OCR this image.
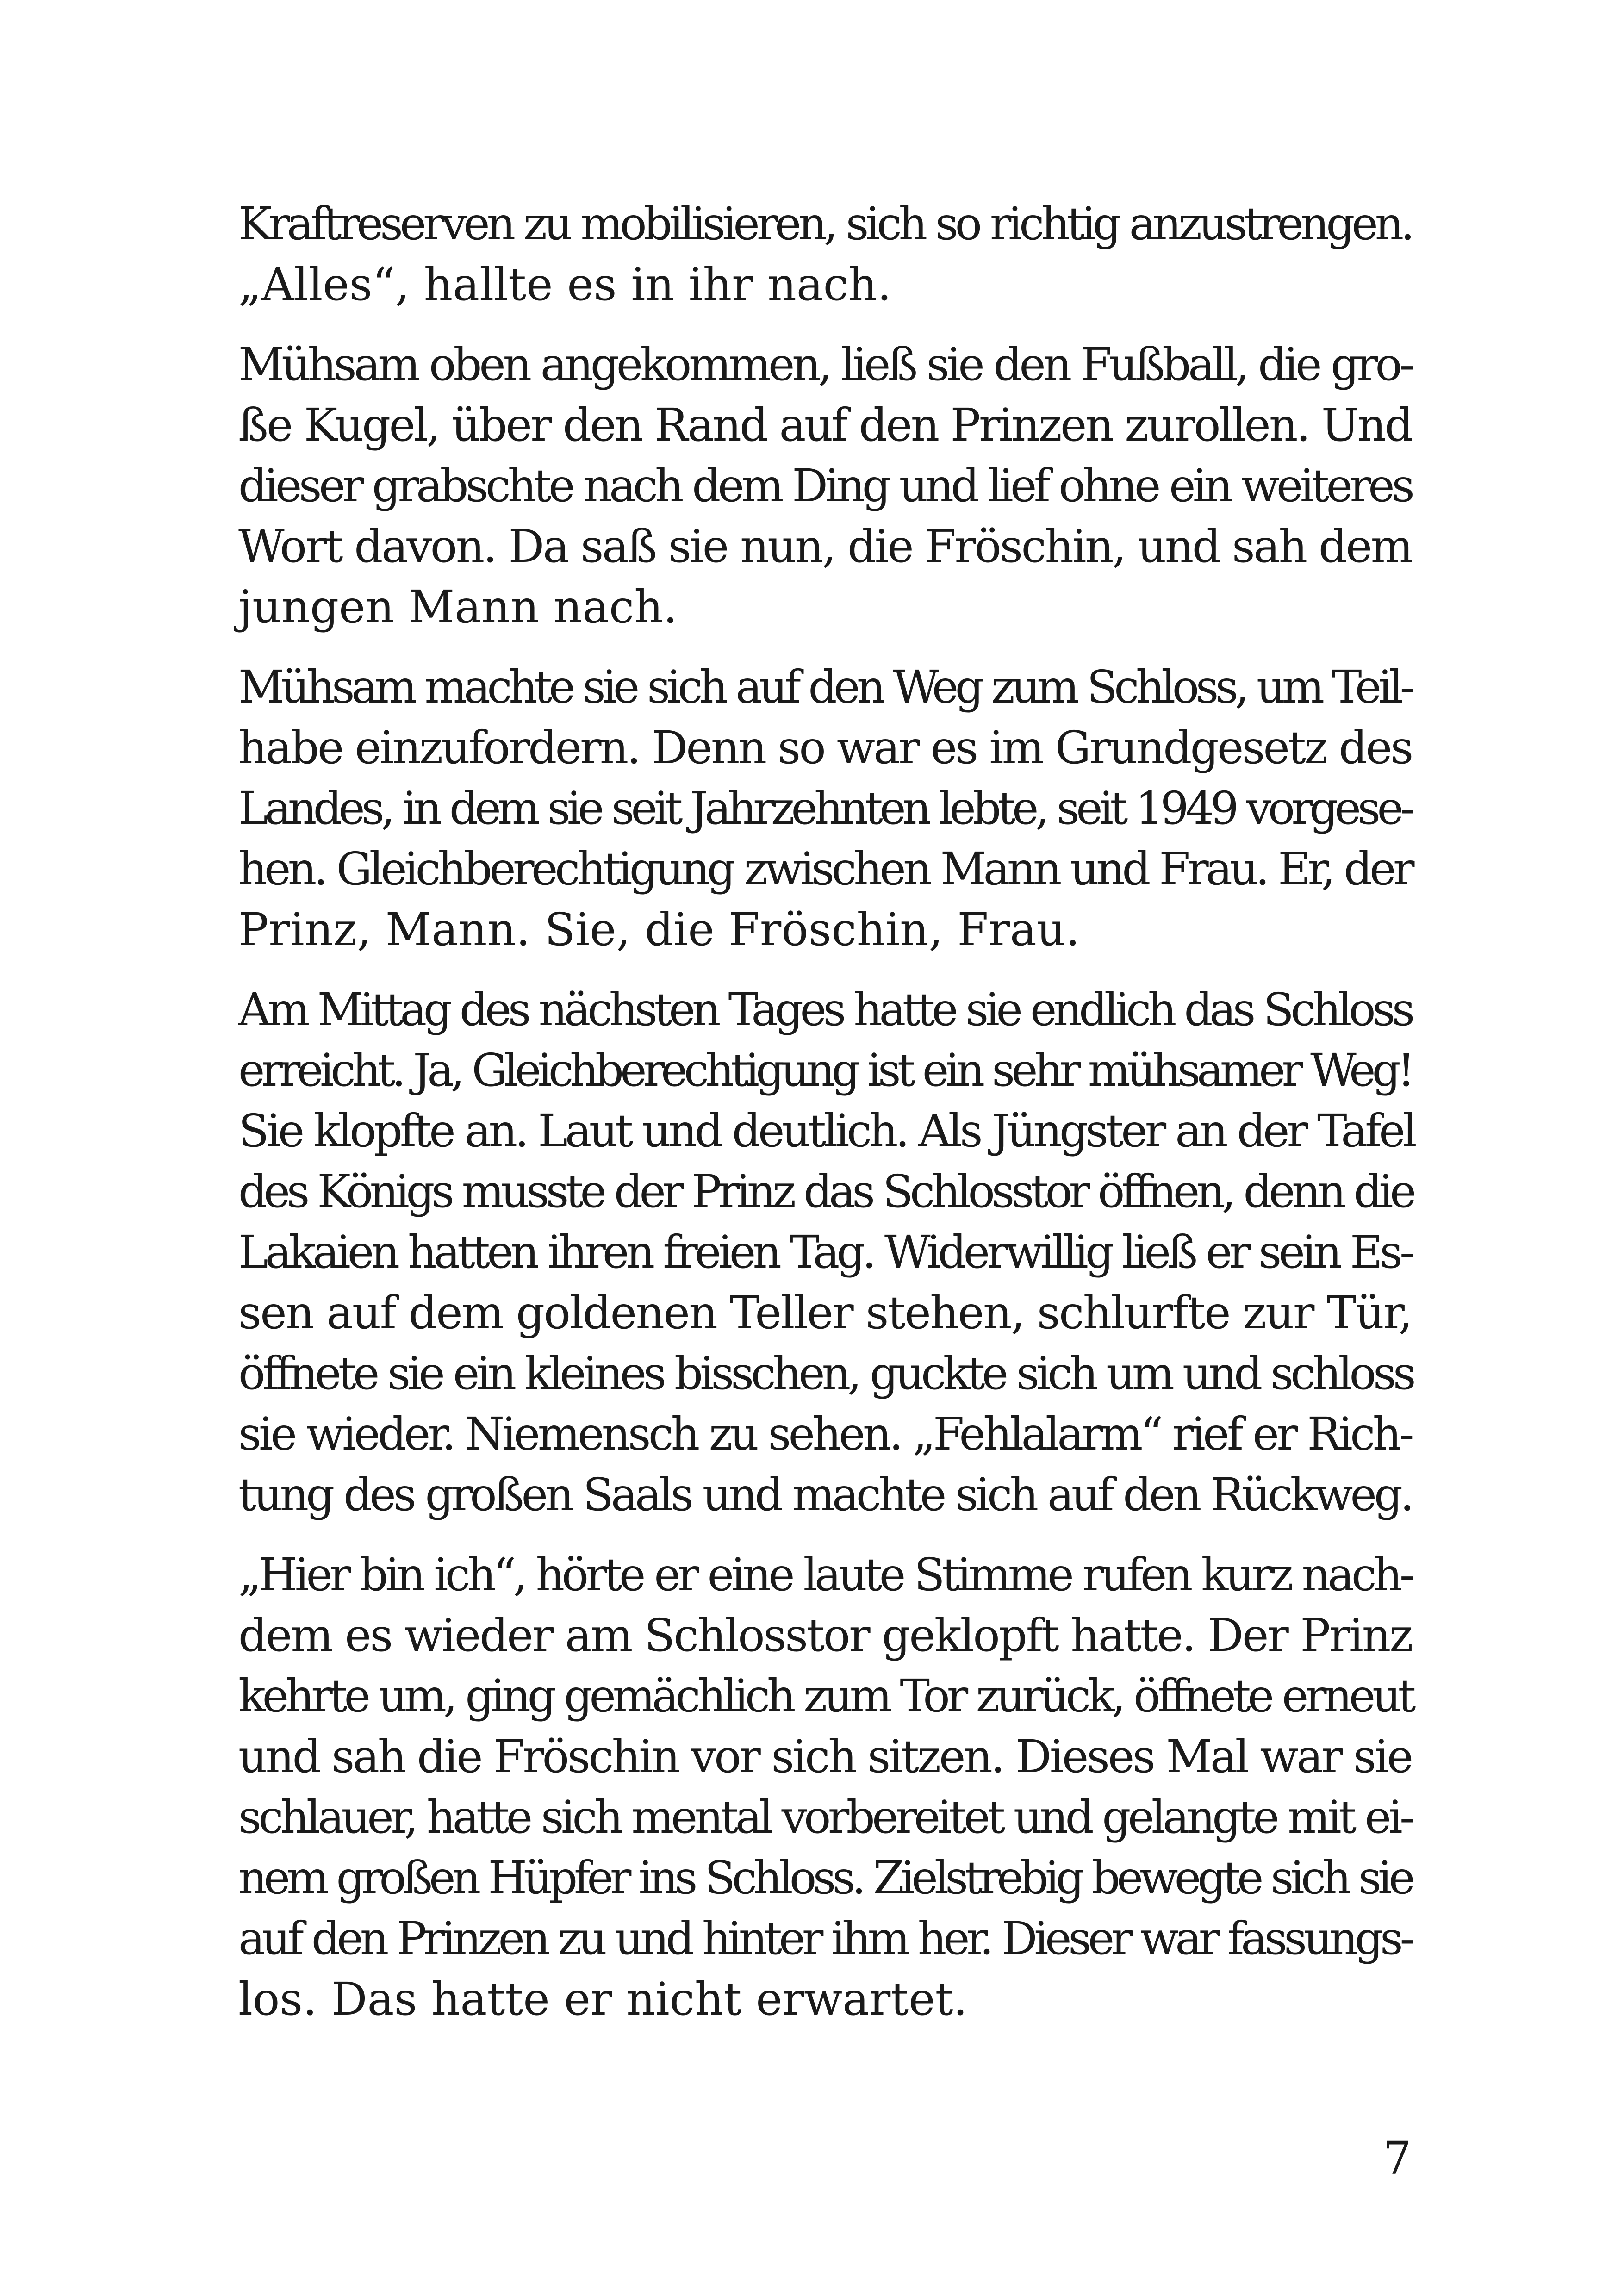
Kraftreserven zu mobilisieren, sich so richtig anzustrengen.
„Alles“, hallte es in ihr nach.
Mühsam oben angekommen, ließ sie den Fußball, die gro-
ße Kugel, über den Rand auf den Prinzen zurollen. Und
dieser grabschte nach dem Ding und lief ohne ein weiteres
Wort davon. Da saß sie nun, die Fröschin, und sah dem
jungen Mann nach.
Mühsam machte sie sich auf den Weg zum Schloss, um Teil-
habe einzufordern. Denn so war es im Grundgesetz des
Landes, in dem sie seit Jahrzehnten lebte, seit 1949 vorgese-
hen. Gleichberechtigung zwischen Mann und Frau. Er, der
Prinz, Mann. Sie, die Fröschin, Frau.
Am Mittag des nächsten Tages hatte sie endlich das Schloss
erreicht. Ja, Gleichberechtigung ist ein sehr mühsamer Weg!
Sie klopfte an. Laut und deutlich. Als Jüngster an der Tafel
des Königs musste der Prinz das Schlosstor öffnen, denn die
Lakaien hatten ihren freien Tag. Widerwillig ließ er sein Es-
sen auf dem goldenen Teller stehen, schlurfte zur Tür,
öffnete sie ein kleines bisschen, guckte sich um und schloss
sie wieder. Niemensch zu sehen. „Fehlalarm“ rief er Rich-
tung des großen Saals und machte sich auf den Rückweg.
„Hier bin ich“, hörte er eine laute Stimme rufen kurz nach-
dem es wieder am Schlosstor geklopft hatte. Der Prinz
kehrte um, ging gemächlich zum Tor zurück, öffnete erneut
und sah die Fröschin vor sich sitzen. Dieses Mal war sie
schlauer, hatte sich mental vorbereitet und gelangte mit ei-
nem großen Hüpfer ins Schloss. Zielstrebig bewegte sich sie
auf den Prinzen zu und hinter ihm her. Dieser war fassungs-
los. Das hatte er nicht erwartet.
7
